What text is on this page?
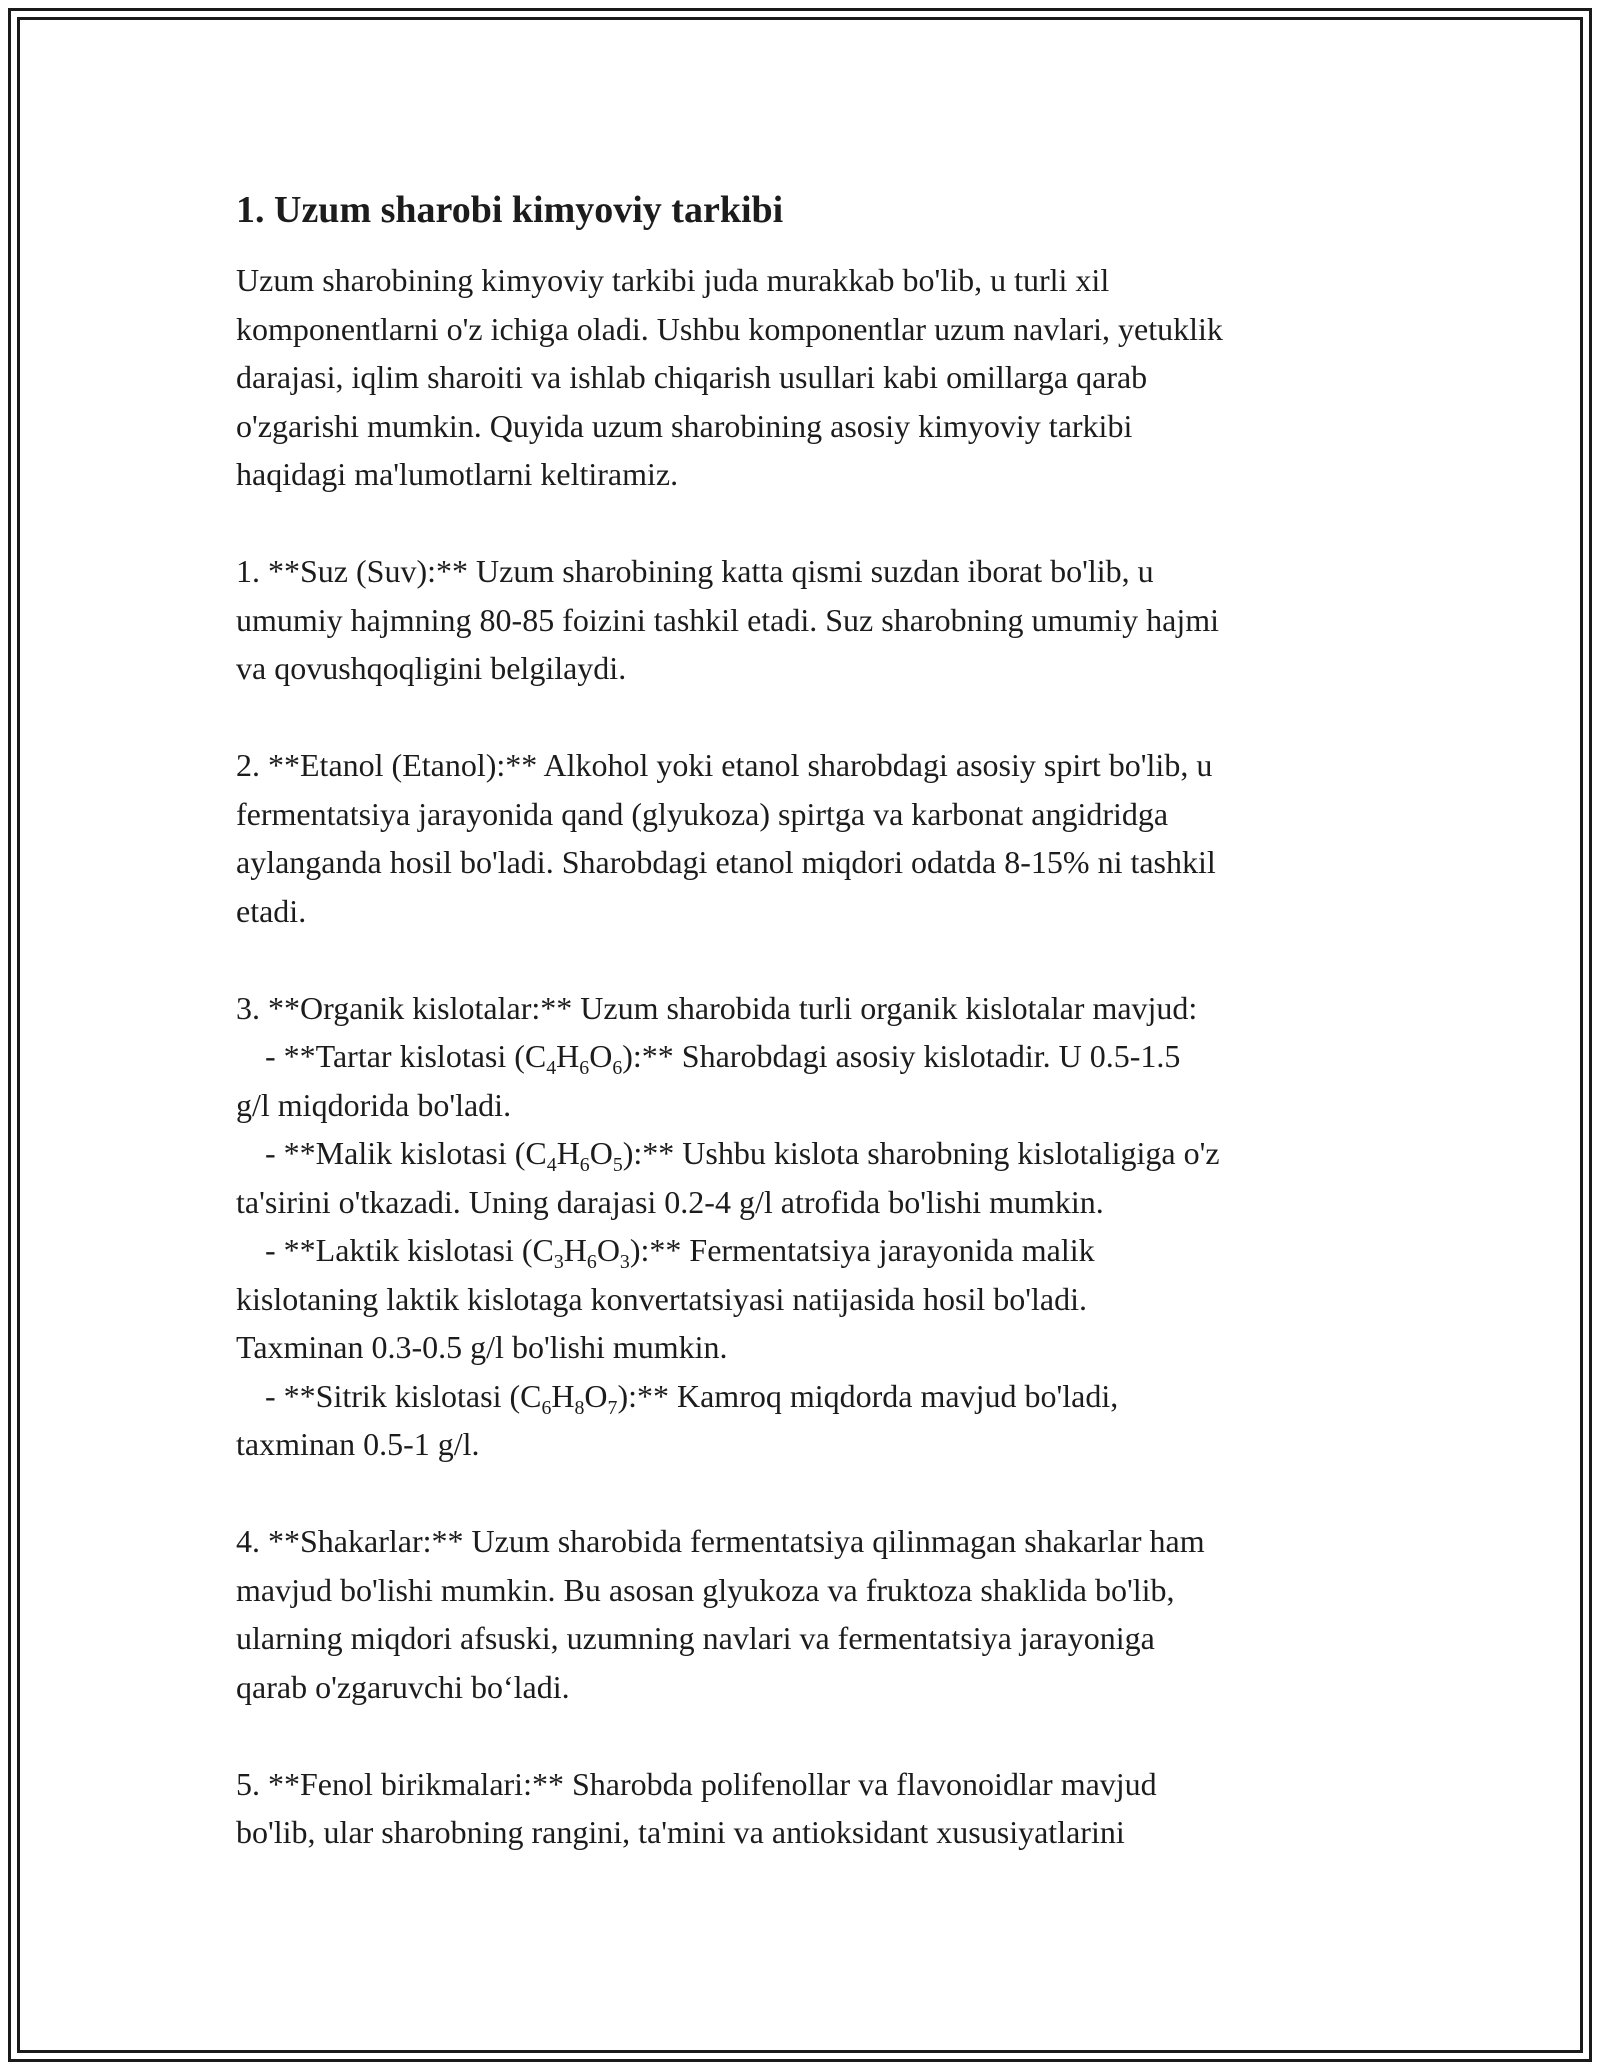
1. Uzum sharobi kimyoviy tarkibi
Uzum sharobining kimyoviy tarkibi juda murakkab bo'lib, u turli xil
komponentlarni o'z ichiga oladi. Ushbu komponentlar uzum navlari, yetuklik
darajasi, iqlim sharoiti va ishlab chiqarish usullari kabi omillarga qarab
o'zgarishi mumkin. Quyida uzum sharobining asosiy kimyoviy tarkibi
haqidagi ma'lumotlarni keltiramiz.
1. **Suz (Suv):** Uzum sharobining katta qismi suzdan iborat bo'lib, u
umumiy hajmning 80-85 foizini tashkil etadi. Suz sharobning umumiy hajmi
va qovushqoqligini belgilaydi.
2. **Etanol (Etanol):** Alkohol yoki etanol sharobdagi asosiy spirt bo'lib, u
fermentatsiya jarayonida qand (glyukoza) spirtga va karbonat angidridga
aylanganda hosil bo'ladi. Sharobdagi etanol miqdori odatda 8-15% ni tashkil
etadi.
3. **Organik kislotalar:** Uzum sharobida turli organik kislotalar mavjud:
- **Tartar kislotasi $(C_4H_6O_6):**$ Sharobdagi asosiy kislotadir. U 0.5-1.5
g/l miqdorida bo'ladi.
- **Malik kislotasi $(C_4H_6O_5):**$ Ushbu kislota sharobning kislotaligiga o'z
ta'sirini o'tkazadi. Uning darajasi 0.2-4 g/l atrofida bo'lishi mumkin.
- **Laktik kislotasi $(C_3H_6O_3):**$ Fermentatsiya jarayonida malik
kislotaning laktik kislotaga konvertatsiyasi natijasida hosil bo'ladi.
Taxminan 0.3-0.5 g/l bo'lishi mumkin.
- **Sitrik kislotasi $(C_6H_8O_7):**$ Kamroq miqdorda mavjud bo'ladi,
taxminan 0.5-1 g/l.
4. **Shakarlar:** Uzum sharobida fermentatsiya qilinmagan shakarlar ham
mavjud bo'lishi mumkin. Bu asosan glyukoza va fruktoza shaklida bo'lib,
ularning miqdori afsuski, uzumning navlari va fermentatsiya jarayoniga
qarab o'zgaruvchi bo‘ladi.
5. **Fenol birikmalari:** Sharobda polifenollar va flavonoidlar mavjud
bo'lib, ular sharobning rangini, ta'mini va antioksidant xususiyatlarini
